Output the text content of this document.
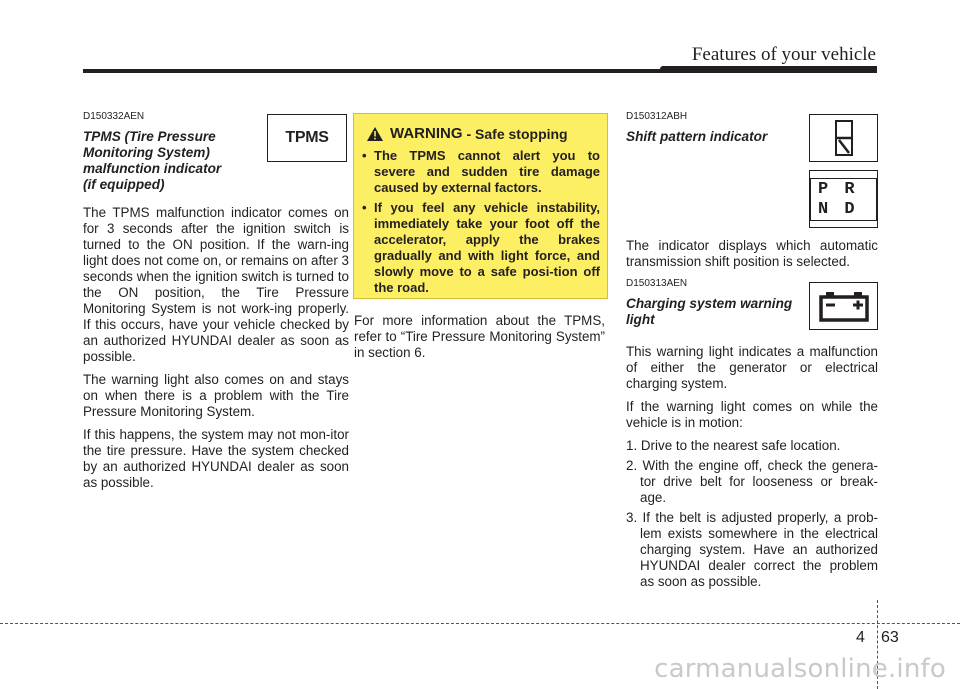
Features of your vehicle
D150332AEN
TPMS (Tire Pressure
Monitoring System)
malfunction indicator
(if equipped)

The TPMS malfunction indicator comes on for 3 seconds after the ignition switch is turned to the ON position. If the warn-ing light does not come on, or remains on after 3 seconds when the ignition switch is turned to the ON position, the Tire Pressure Monitoring System is not work-ing properly. If this occurs, have your vehicle checked by an authorized HYUNDAI dealer as soon as possible.

The warning light also comes on and stays on when there is a problem with the Tire Pressure Monitoring System.

If this happens, the system may not mon-itor the tire pressure. Have the system checked by an authorized HYUNDAI dealer as soon as possible.

TPMS	WARNING - Safe stopping
• The TPMS cannot alert you to severe and sudden tire damage caused by external factors.
• If you feel any vehicle instability, immediately take your foot off the accelerator, apply the brakes gradually and with light force, and slowly move to a safe posi-tion off the road.

For more information about the TPMS, refer to “Tire Pressure Monitoring System” in section 6.

D150312ABH
Shift pattern indicator
P R N D

The indicator displays which automatic transmission shift position is selected.

D150313AEN
Charging system warning
light

This warning light indicates a malfunction of either the generator or electrical charging system.

If the warning light comes on while the vehicle is in motion:

1. Drive to the nearest safe location.
2. With the engine off, check the genera-tor drive belt for looseness or break-age.
3. If the belt is adjusted properly, a prob-lem exists somewhere in the electrical charging system. Have an authorized HYUNDAI dealer correct the problem as soon as possible.
4 63
carmanualsonline.info
